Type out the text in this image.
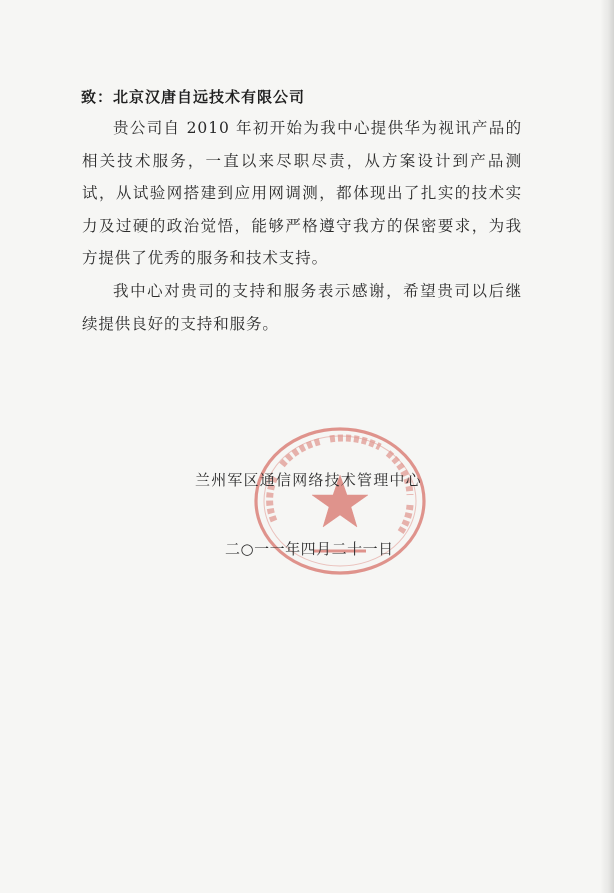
致：北京汉唐自远技术有限公司

贵公司自 2010 年初开始为我中心提供华为视讯产品的相关技术服务，一直以来尽职尽责，从方案设计到产品测试，从试验网搭建到应用网调测，都体现出了扎实的技术实力及过硬的政治觉悟，能够严格遵守我方的保密要求，为我方提供了优秀的服务和技术支持。

我中心对贵司的支持和服务表示感谢，希望贵司以后继续提供良好的支持和服务。

兰州军区通信网络技术管理中心
二○一一年四月二十一日
